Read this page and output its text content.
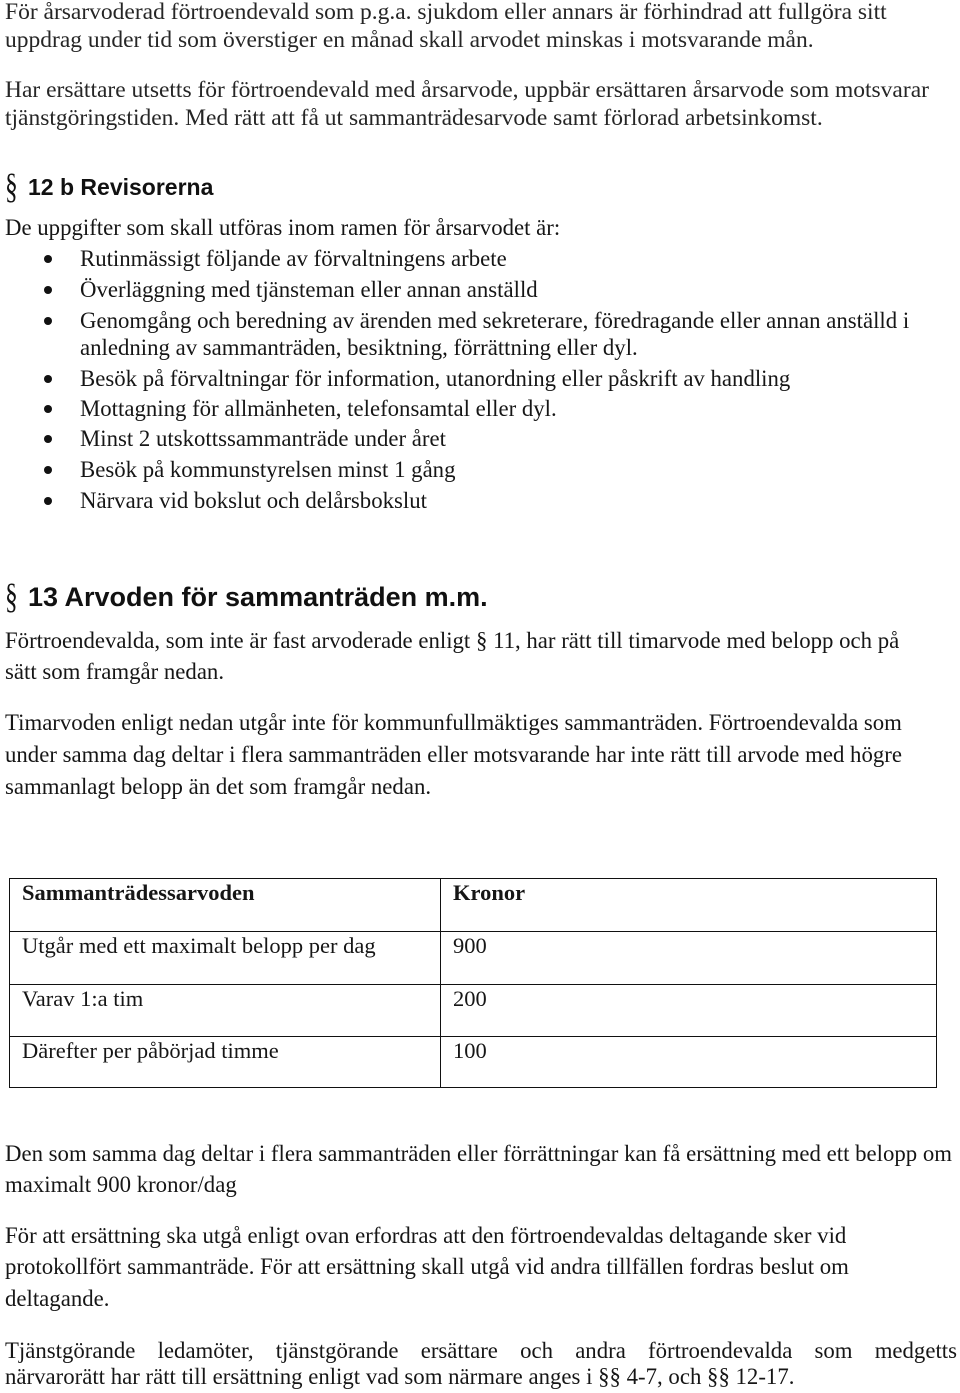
För årsarvoderad förtroendevald som p.g.a. sjukdom eller annars är förhindrad att fullgöra sitt
uppdrag under tid som överstiger en månad skall arvodet minskas i motsvarande mån.
Har ersättare utsetts för förtroendevald med årsarvode, uppbär ersättaren årsarvode som motsvarar
tjänstgöringstiden. Med rätt att få ut sammanträdesarvode samt förlorad arbetsinkomst.
§ 12 b Revisorerna
De uppgifter som skall utföras inom ramen för årsarvodet är:
Rutinmässigt följande av förvaltningens arbete
Överläggning med tjänsteman eller annan anställd
Genomgång och beredning av ärenden med sekreterare, föredragande eller annan anställd i
anledning av sammanträden, besiktning, förrättning eller dyl.
Besök på förvaltningar för information, utanordning eller påskrift av handling
Mottagning för allmänheten, telefonsamtal eller dyl.
Minst 2 utskottssammanträde under året
Besök på kommunstyrelsen minst 1 gång
Närvara vid bokslut och delårsbokslut
§ 13 Arvoden för sammanträden m.m.
Förtroendevalda, som inte är fast arvoderade enligt § 11, har rätt till timarvode med belopp och på
sätt som framgår nedan.
Timarvoden enligt nedan utgår inte för kommunfullmäktiges sammanträden. Förtroendevalda som
under samma dag deltar i flera sammanträden eller motsvarande har inte rätt till arvode med högre
sammanlagt belopp än det som framgår nedan.
Sammanträdessarvoden	Kronor
Utgår med ett maximalt belopp per dag	900
Varav 1:a tim	200
Därefter per påbörjad timme	100
Den som samma dag deltar i flera sammanträden eller förrättningar kan få ersättning med ett belopp om
maximalt 900 kronor/dag
För att ersättning ska utgå enligt ovan erfordras att den förtroendevaldas deltagande sker vid
protokollfört sammanträde. För att ersättning skall utgå vid andra tillfällen fordras beslut om
deltagande.
Tjänstgörande ledamöter, tjänstgörande ersättare och andra förtroendevalda som medgetts
närvarorätt har rätt till ersättning enligt vad som närmare anges i §§ 4-7, och §§ 12-17.
